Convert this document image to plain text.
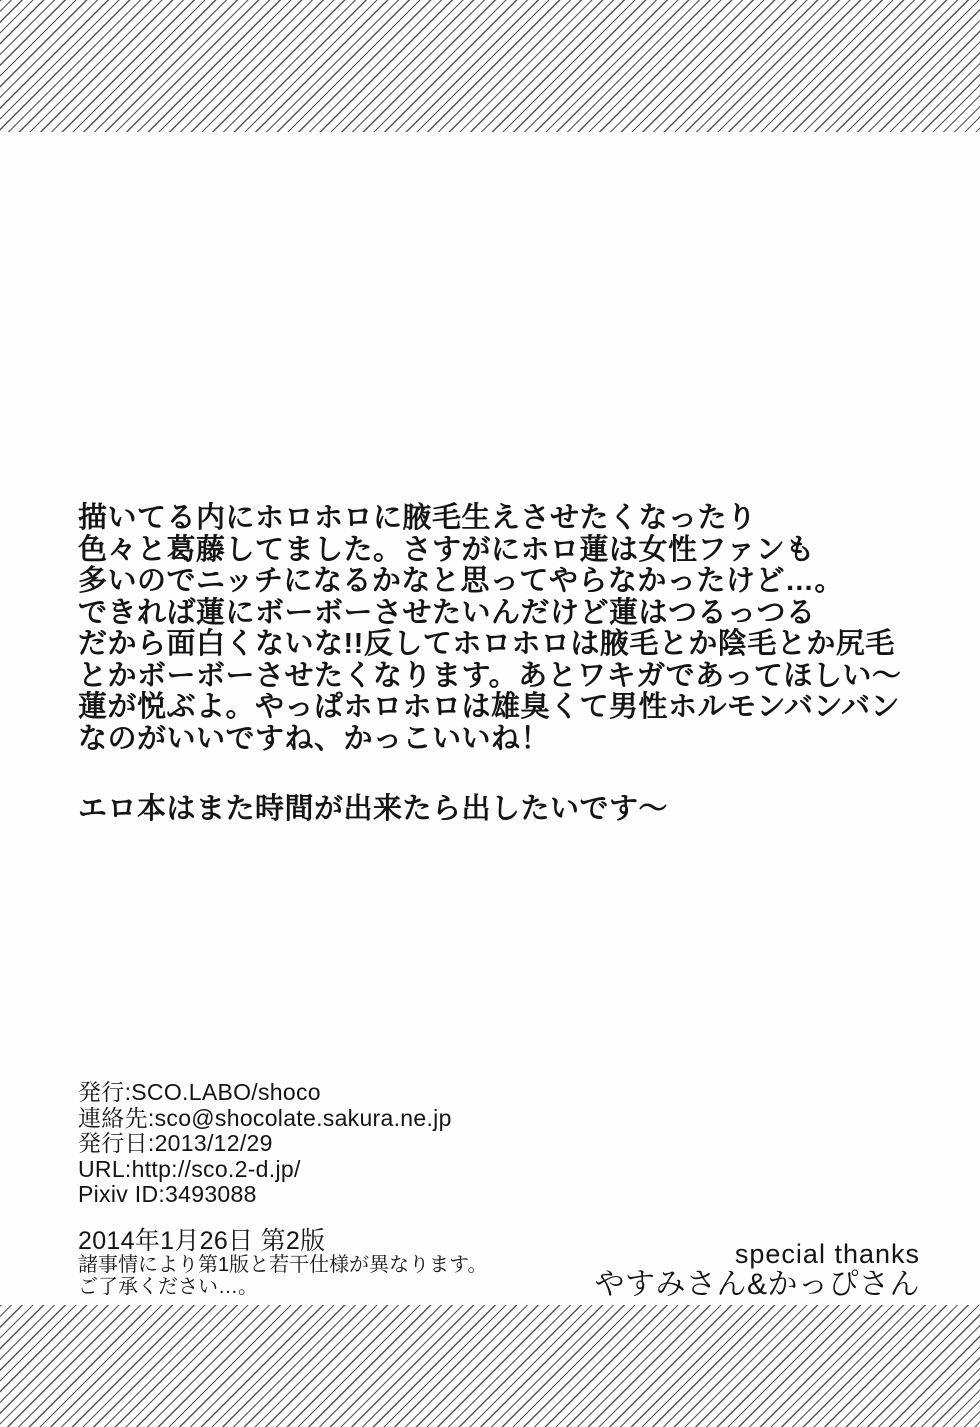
描いてる内にホロホロに腋毛生えさせたくなったり
色々と葛藤してました。さすがにホロ蓮は女性ファンも
多いのでニッチになるかなと思ってやらなかったけど…。
できれば蓮にボーボーさせたいんだけど蓮はつるっつる
だから面白くないな!!反してホロホロは腋毛とか陰毛とか尻毛
とかボーボーさせたくなります。あとワキガであってほしい～
蓮が悦ぶよ。やっぱホロホロは雄臭くて男性ホルモンバンバン
なのがいいですね、かっこいいね！
エロ本はまた時間が出来たら出したいです～
発行:SCO.LABO/shoco
連絡先:sco@shocolate.sakura.ne.jp
発行日:2013/12/29
URL:http://sco.2-d.jp/
Pixiv ID:3493088
2014年1月26日 第2版
諸事情により第1版と若干仕様が異なります。
ご了承ください…。
special thanks
やすみさん&かっぴさん
